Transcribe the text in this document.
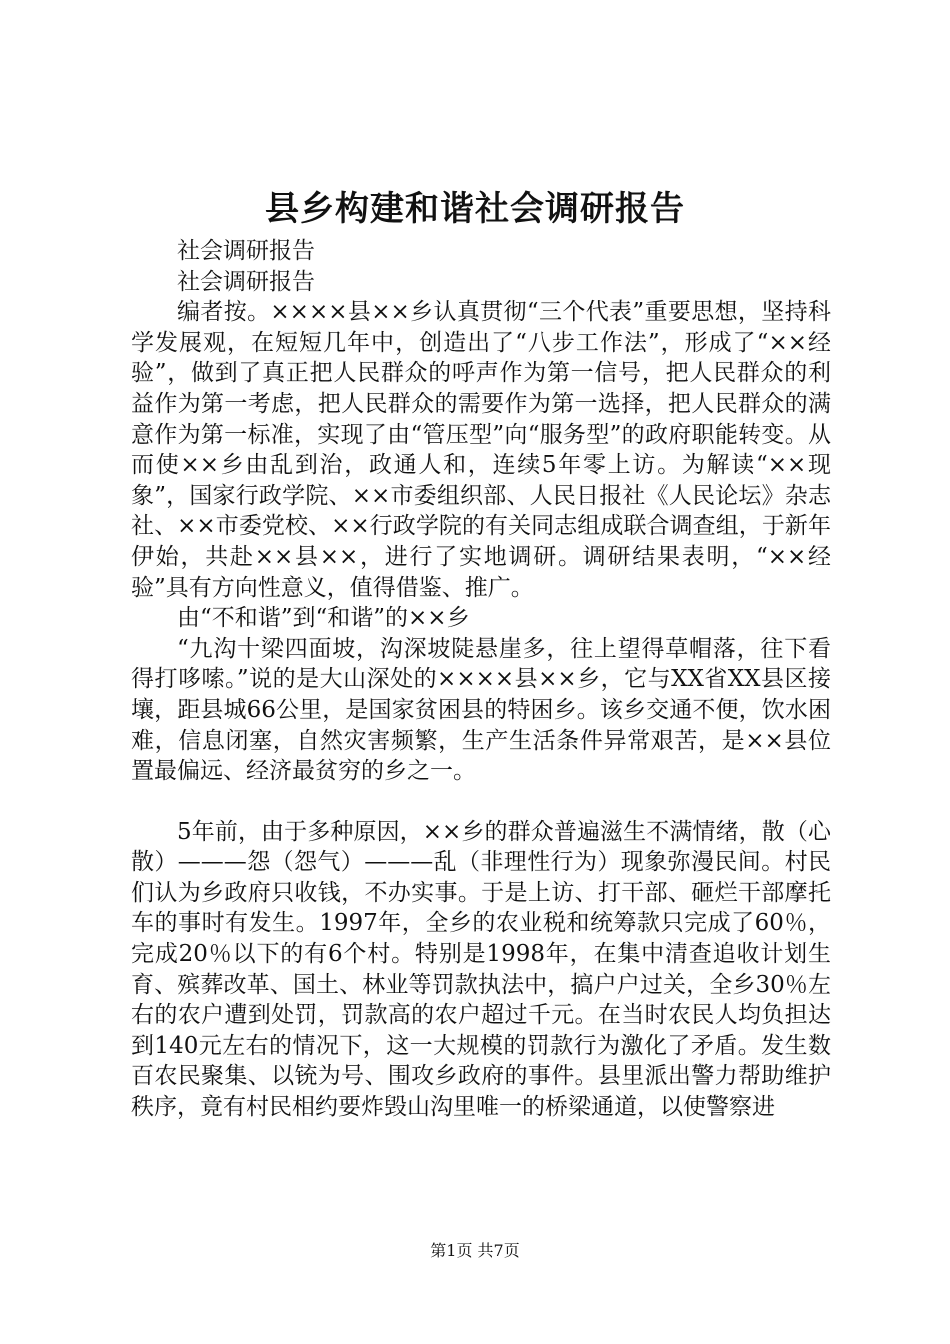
县乡构建和谐社会调研报告

社会调研报告

社会调研报告

编者按。××××县××乡认真贯彻“三个代表”重要思想，坚持科学发展观，在短短几年中，创造出了“八步工作法”，形成了“××经验”，做到了真正把人民群众的呼声作为第一信号，把人民群众的利益作为第一考虑，把人民群众的需要作为第一选择，把人民群众的满意作为第一标准，实现了由“管压型”向“服务型”的政府职能转变。从而使××乡由乱到治，政通人和，连续5年零上访。为解读“××现象”，国家行政学院、××市委组织部、人民日报社《人民论坛》杂志社、××市委党校、××行政学院的有关同志组成联合调查组，于新年伊始，共赴××县××，进行了实地调研。调研结果表明，“××经验”具有方向性意义，值得借鉴、推广。

由“不和谐”到“和谐”的××乡

“九沟十梁四面坡，沟深坡陡悬崖多，往上望得草帽落，往下看得打哆嗦。”说的是大山深处的××××县××乡，它与XX省XX县区接壤，距县城66公里，是国家贫困县的特困乡。该乡交通不便，饮水困难，信息闭塞，自然灾害频繁，生产生活条件异常艰苦，是××县位置最偏远、经济最贫穷的乡之一。

5年前，由于多种原因，××乡的群众普遍滋生不满情绪，散（心散）———怨（怨气）———乱（非理性行为）现象弥漫民间。村民们认为乡政府只收钱，不办实事。于是上访、打干部、砸烂干部摩托车的事时有发生。1997年，全乡的农业税和统筹款只完成了60％，完成20％以下的有6个村。特别是1998年，在集中清查追收计划生育、殡葬改革、国土、林业等罚款执法中，搞户户过关，全乡30％左右的农户遭到处罚，罚款高的农户超过千元。在当时农民人均负担达到140元左右的情况下，这一大规模的罚款行为激化了矛盾。发生数百农民聚集、以铳为号、围攻乡政府的事件。县里派出警力帮助维护秩序，竟有村民相约要炸毁山沟里唯一的桥梁通道，以使警察进

第1页 共7页
